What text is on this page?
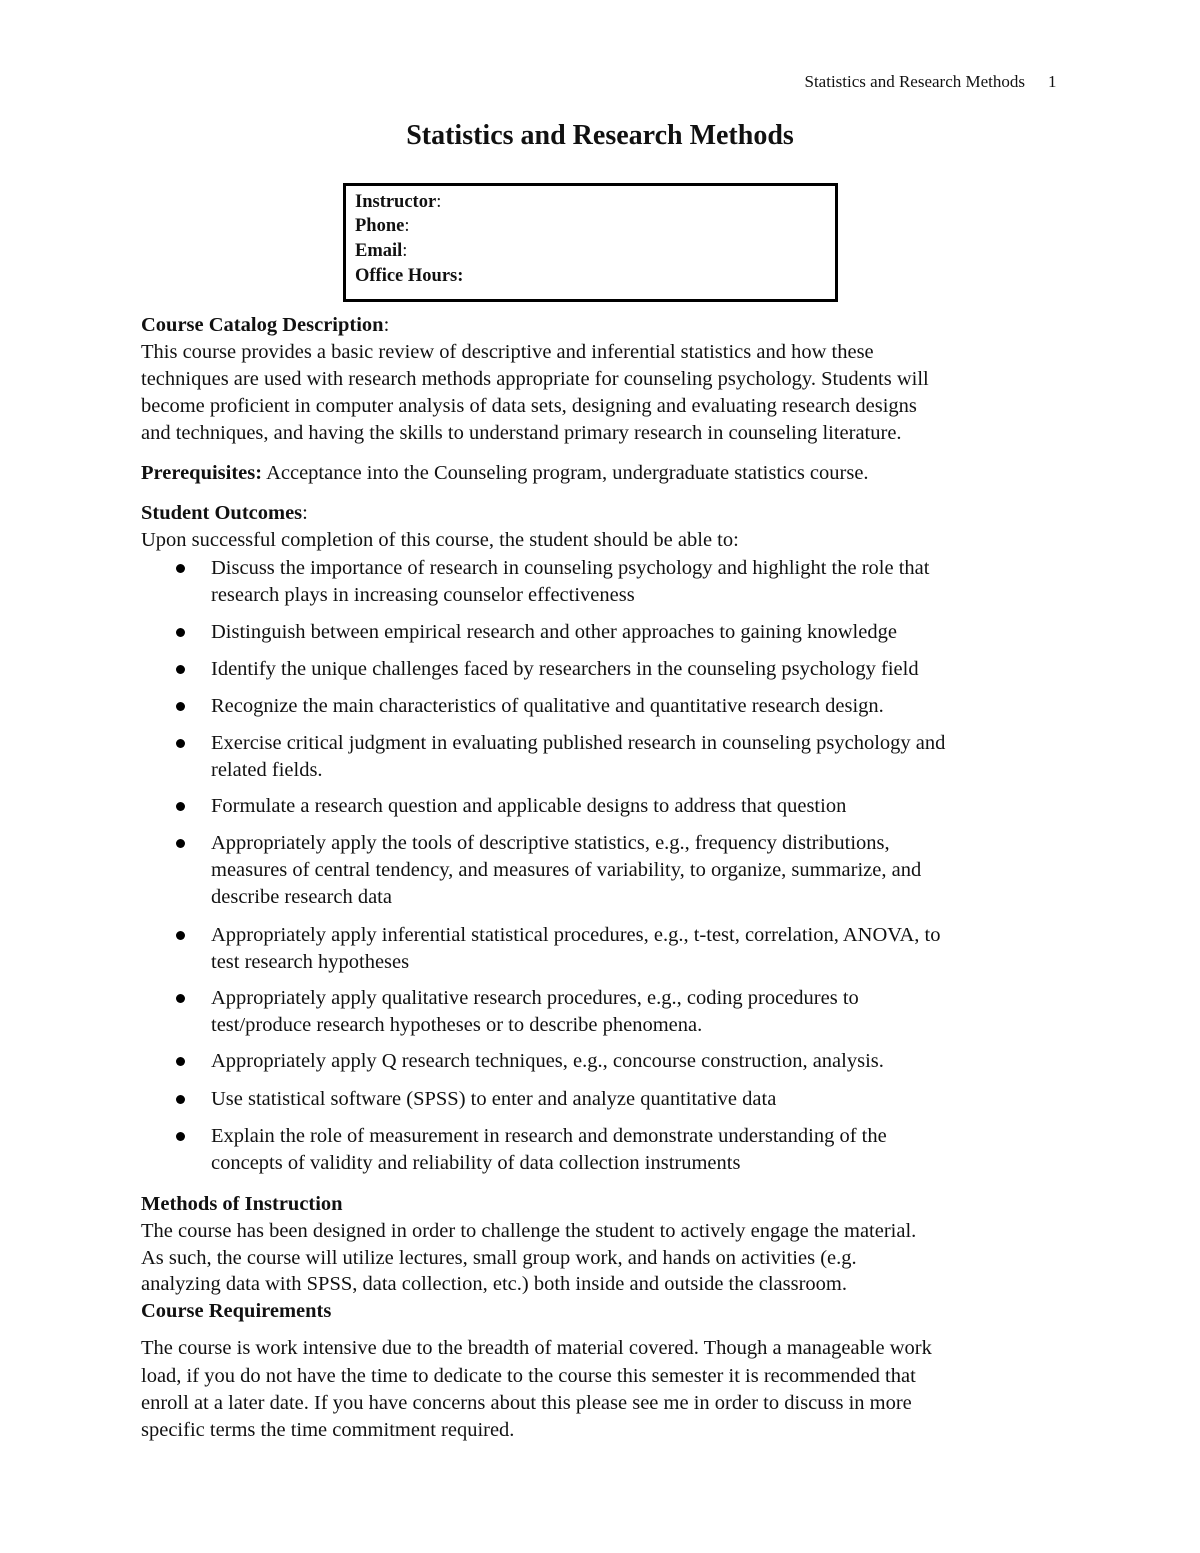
Statistics and Research Methods 1
Statistics and Research Methods
Instructor:
Phone:
Email:
Office Hours:
Course Catalog Description:
This course provides a basic review of descriptive and inferential statistics and how these
techniques are used with research methods appropriate for counseling psychology. Students will
become proficient in computer analysis of data sets, designing and evaluating research designs
and techniques, and having the skills to understand primary research in counseling literature.
Prerequisites: Acceptance into the Counseling program, undergraduate statistics course.
Student Outcomes:
Upon successful completion of this course, the student should be able to:
Discuss the importance of research in counseling psychology and highlight the role that
research plays in increasing counselor effectiveness
Distinguish between empirical research and other approaches to gaining knowledge
Identify the unique challenges faced by researchers in the counseling psychology field
Recognize the main characteristics of qualitative and quantitative research design.
Exercise critical judgment in evaluating published research in counseling psychology and
related fields.
Formulate a research question and applicable designs to address that question
Appropriately apply the tools of descriptive statistics, e.g., frequency distributions,
measures of central tendency, and measures of variability, to organize, summarize, and
describe research data
Appropriately apply inferential statistical procedures, e.g., t-test, correlation, ANOVA, to
test research hypotheses
Appropriately apply qualitative research procedures, e.g., coding procedures to
test/produce research hypotheses or to describe phenomena.
Appropriately apply Q research techniques, e.g., concourse construction, analysis.
Use statistical software (SPSS) to enter and analyze quantitative data
Explain the role of measurement in research and demonstrate understanding of the
concepts of validity and reliability of data collection instruments
Methods of Instruction
The course has been designed in order to challenge the student to actively engage the material.
As such, the course will utilize lectures, small group work, and hands on activities (e.g.
analyzing data with SPSS, data collection, etc.) both inside and outside the classroom.
Course Requirements
The course is work intensive due to the breadth of material covered. Though a manageable work
load, if you do not have the time to dedicate to the course this semester it is recommended that
enroll at a later date. If you have concerns about this please see me in order to discuss in more
specific terms the time commitment required.
